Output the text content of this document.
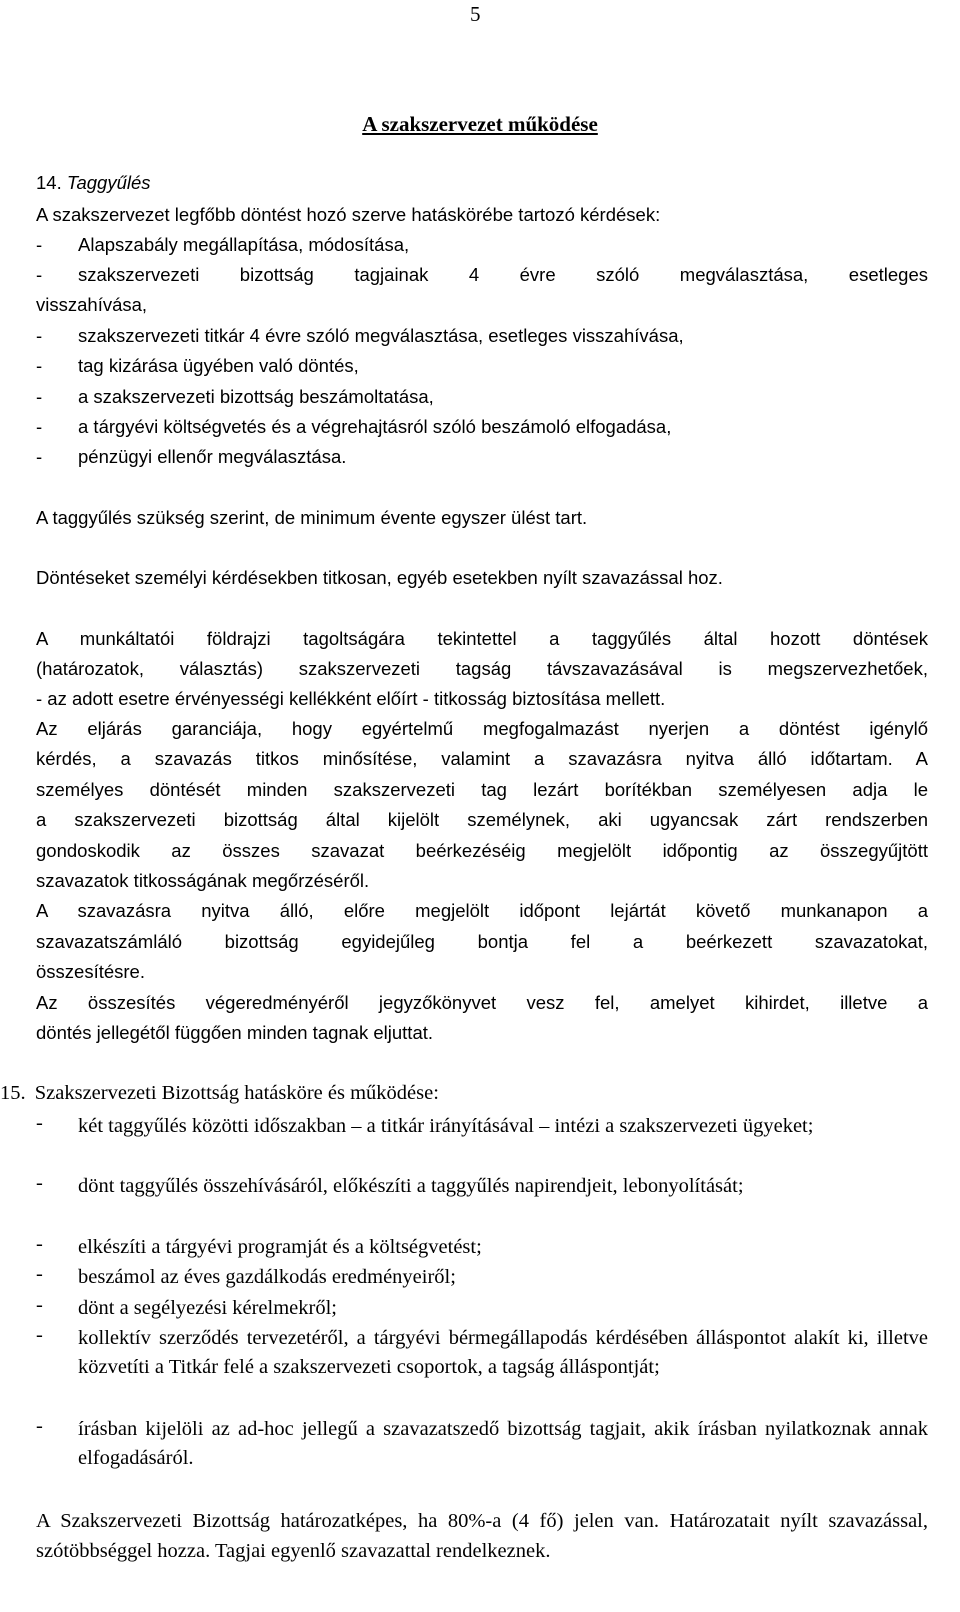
5
A szakszervezet működése
14. Taggyűlés
A szakszervezet legfőbb döntést hozó szerve hatáskörébe tartozó kérdések:
- Alapszabály megállapítása, módosítása,
- szakszervezeti bizottság tagjainak 4 évre szóló megválasztása, esetleges
visszahívása,
- szakszervezeti titkár 4 évre szóló megválasztása, esetleges visszahívása,
- tag kizárása ügyében való döntés,
- a szakszervezeti bizottság beszámoltatása,
- a tárgyévi költségvetés és a végrehajtásról szóló beszámoló elfogadása,
- pénzügyi ellenőr megválasztása.
A taggyűlés szükség szerint, de minimum évente egyszer ülést tart.
Döntéseket személyi kérdésekben titkosan, egyéb esetekben nyílt szavazással hoz.
A munkáltatói földrajzi tagoltságára tekintettel a taggyűlés által hozott döntések
(határozatok, választás) szakszervezeti tagság távszavazásával is megszervezhetőek,
- az adott esetre érvényességi kellékként előírt - titkosság biztosítása mellett.
Az eljárás garanciája, hogy egyértelmű megfogalmazást nyerjen a döntést igénylő
kérdés, a szavazás titkos minősítése, valamint a szavazásra nyitva álló időtartam. A
személyes döntését minden szakszervezeti tag lezárt borítékban személyesen adja le
a szakszervezeti bizottság által kijelölt személynek, aki ugyancsak zárt rendszerben
gondoskodik az összes szavazat beérkezéséig megjelölt időpontig az összegyűjtött
szavazatok titkosságának megőrzéséről.
A szavazásra nyitva álló, előre megjelölt időpont lejártát követő munkanapon a
szavazatszámláló bizottság egyidejűleg bontja fel a beérkezett szavazatokat,
összesítésre.
Az összesítés végeredményéről jegyzőkönyvet vesz fel, amelyet kihirdet, illetve a
döntés jellegétől függően minden tagnak eljuttat.
15. Szakszervezeti Bizottság hatásköre és működése:
- két taggyűlés közötti időszakban – a titkár irányításával – intézi a szakszervezeti ügyeket;

- dönt taggyűlés összehívásáról, előkészíti a taggyűlés napirendjeit, lebonyolítását;

- elkészíti a tárgyévi programját és a költségvetést;

- beszámol az éves gazdálkodás eredményeiről;

- dönt a segélyezési kérelmekről;

- kollektív szerződés tervezetéről, a tárgyévi bérmegállapodás kérdésében álláspontot alakít ki, illetve közvetíti a Titkár felé a szakszervezeti csoportok, a tagság álláspontját;

- írásban kijelöli az ad-hoc jellegű a szavazatszedő bizottság tagjait, akik írásban nyilatkoznak annak elfogadásáról.

A Szakszervezeti Bizottság határozatképes, ha 80%-a (4 fő) jelen van. Határozatait nyílt szavazással, szótöbbséggel hozza. Tagjai egyenlő szavazattal rendelkeznek.
